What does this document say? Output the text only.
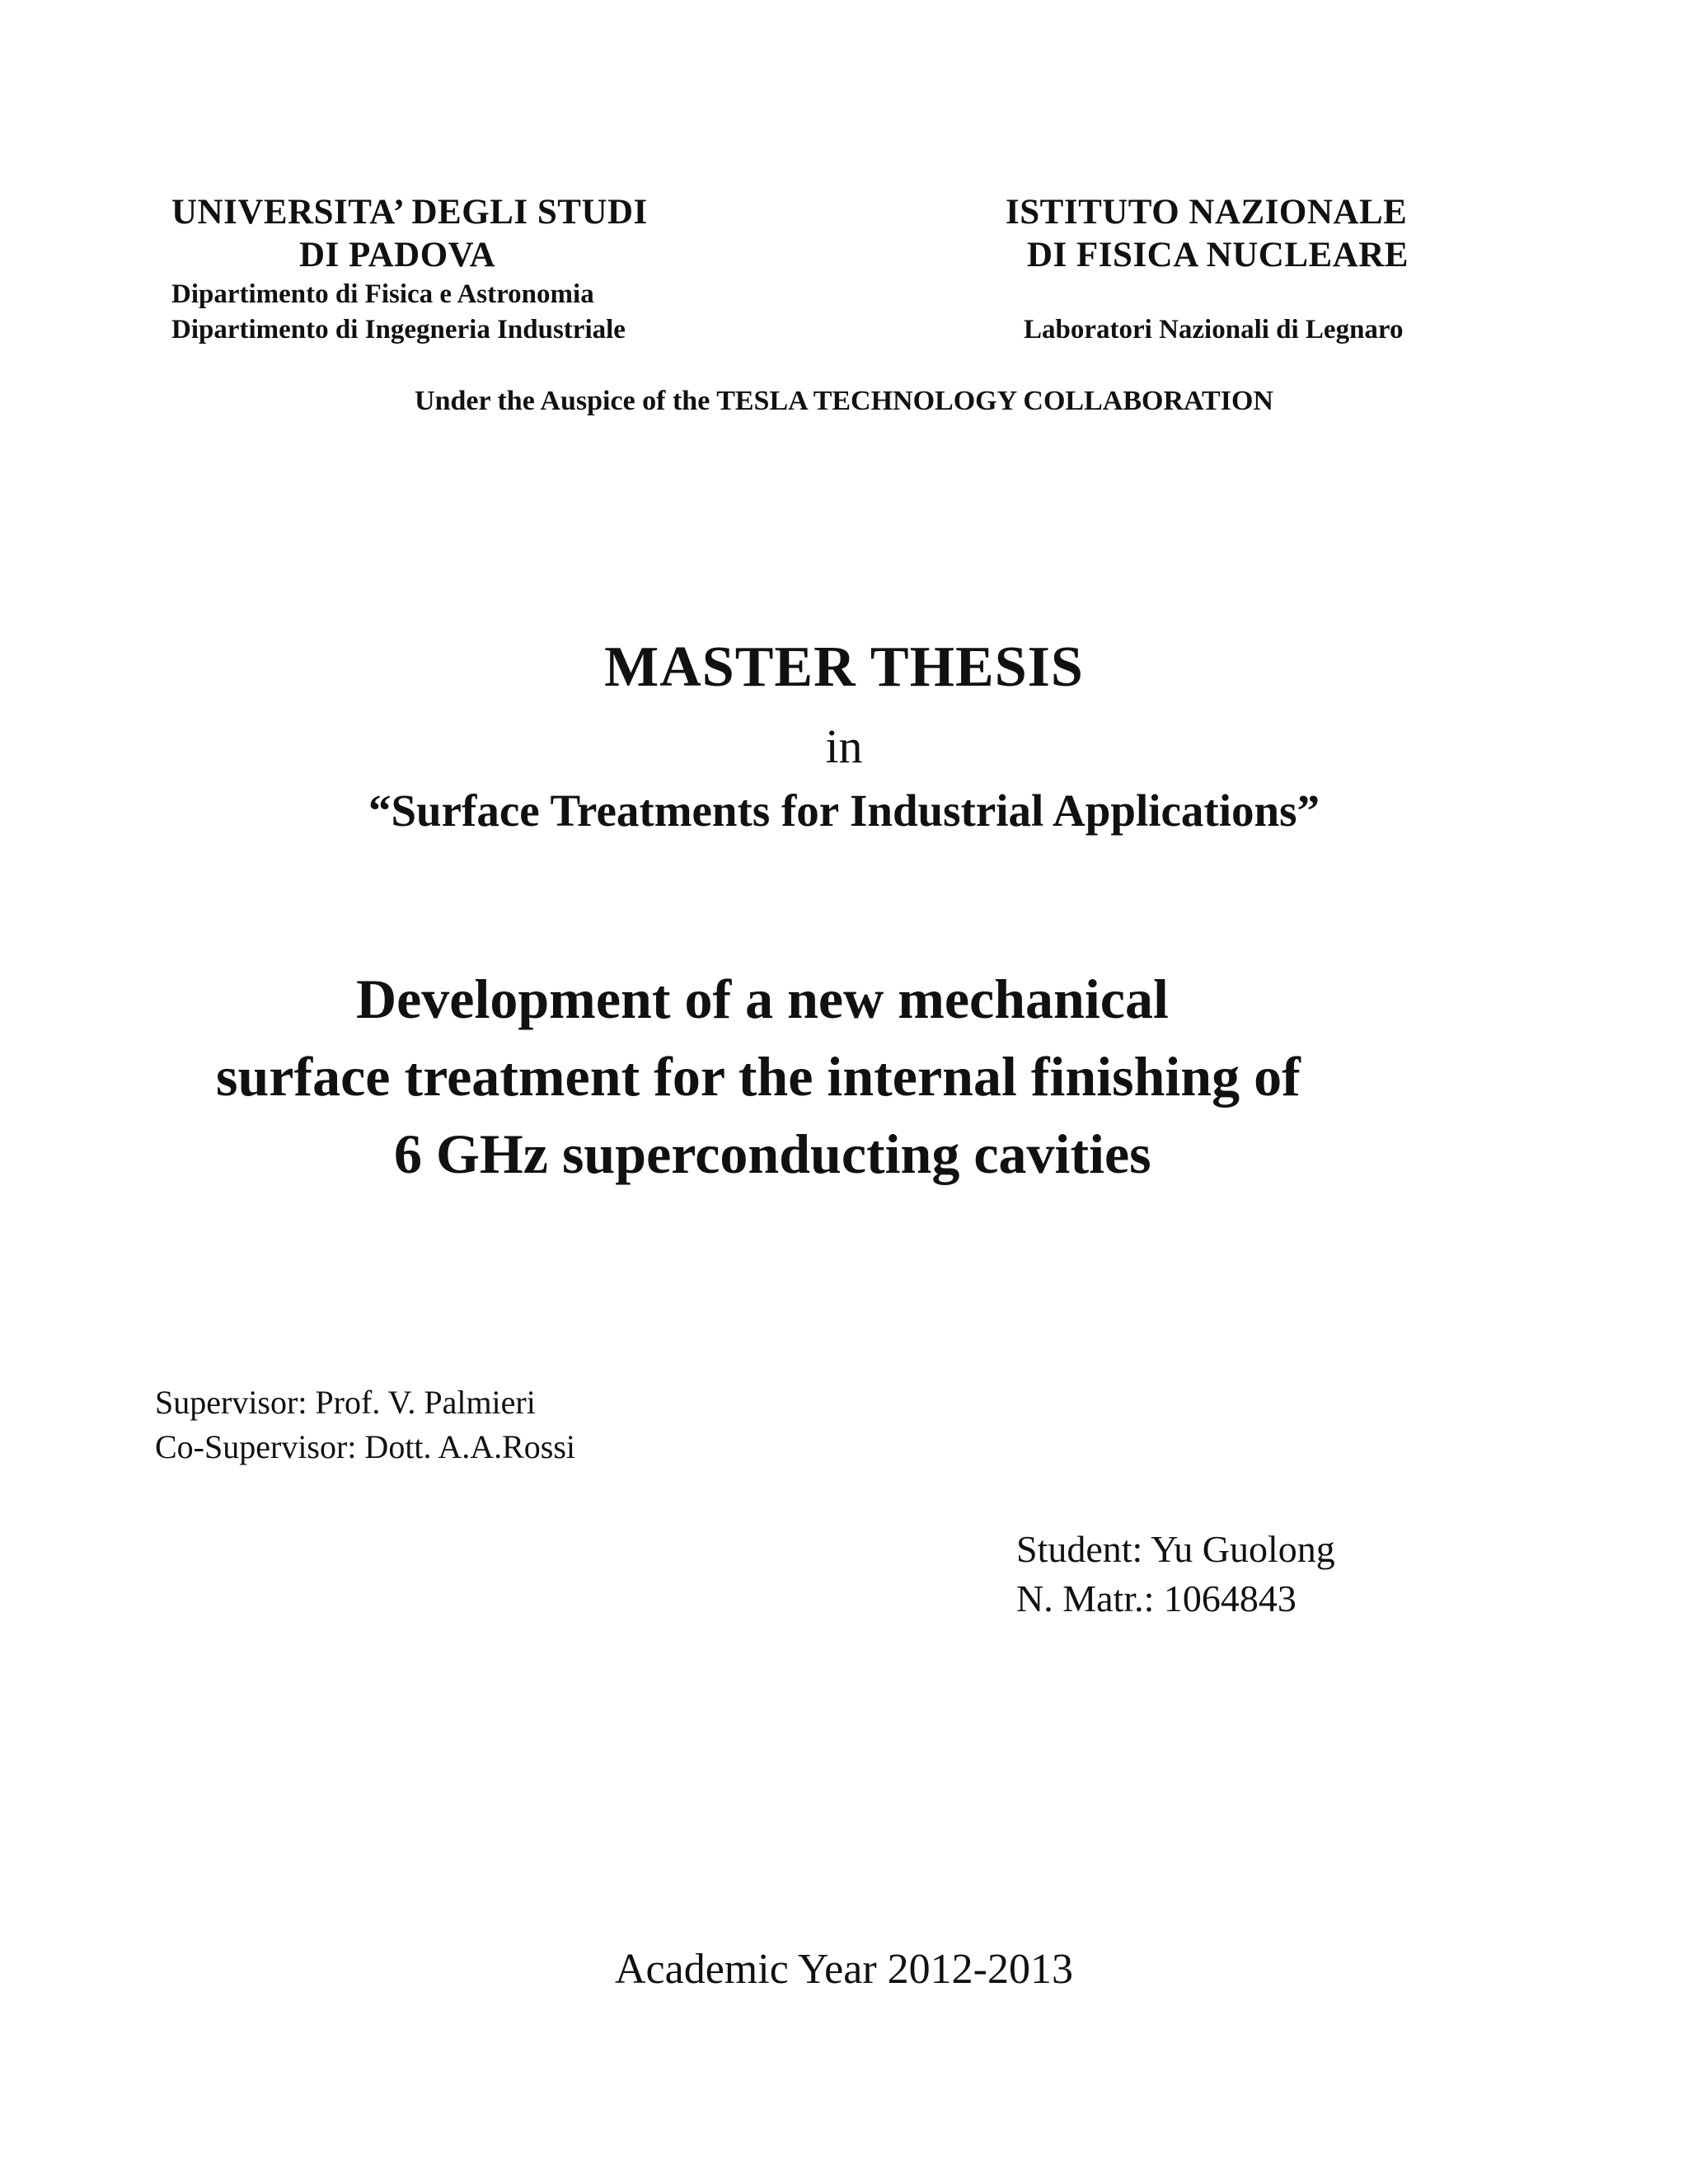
UNIVERSITA’ DEGLI STUDI
DI PADOVA
Dipartimento di Fisica e Astronomia
Dipartimento di Ingegneria Industriale
ISTITUTO NAZIONALE
DI FISICA NUCLEARE
Laboratori Nazionali di Legnaro
Under the Auspice of the TESLA TECHNOLOGY COLLABORATION
MASTER THESIS
in
“Surface Treatments for Industrial Applications”
Development of a new mechanical
surface treatment for the internal finishing of
6 GHz superconducting cavities
Supervisor: Prof. V. Palmieri
Co-Supervisor: Dott. A.A.Rossi
Student: Yu Guolong
N. Matr.: 1064843
Academic Year 2012-2013
